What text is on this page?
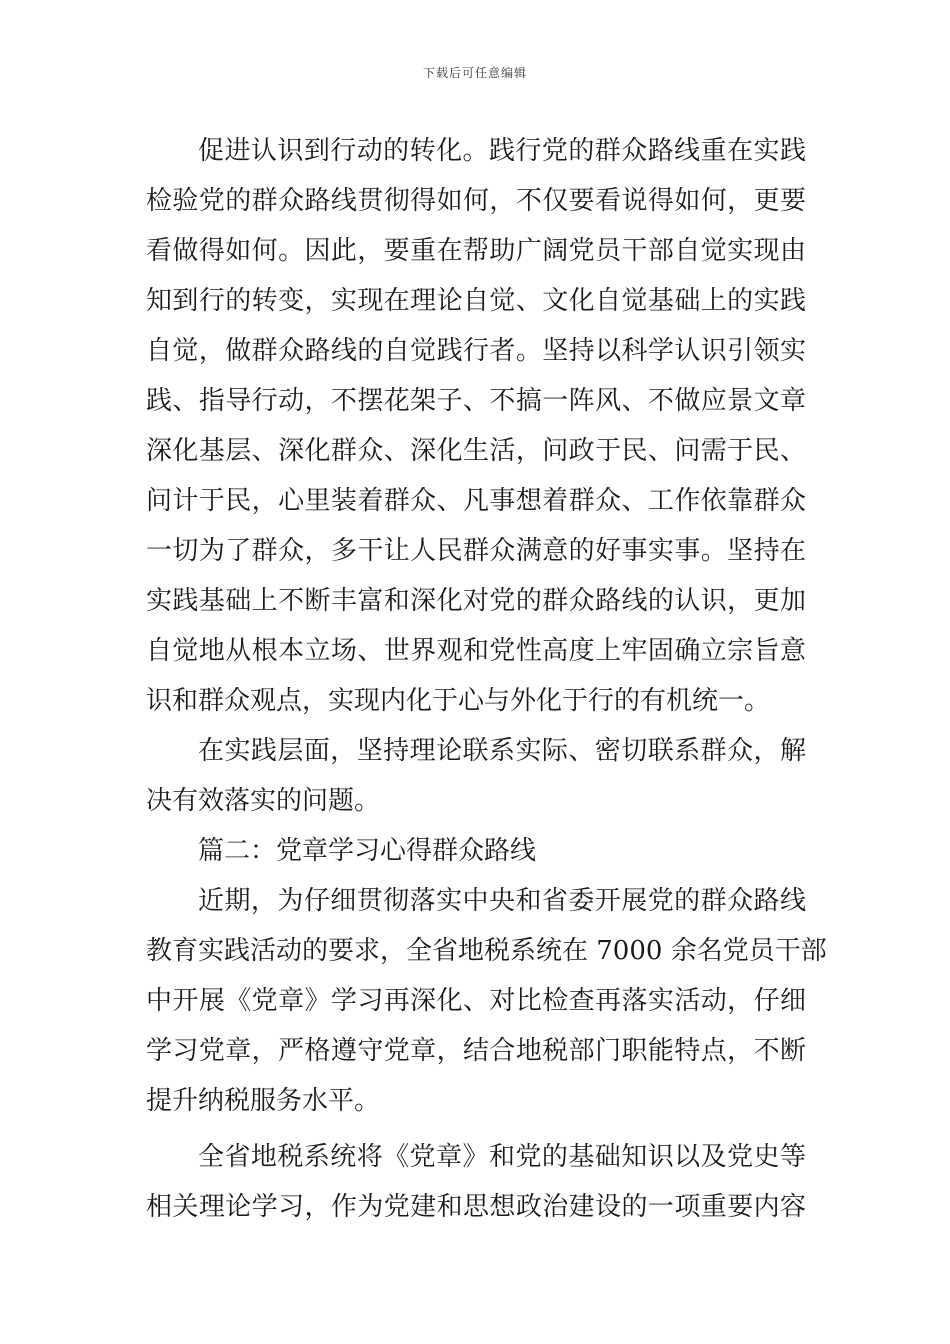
下载后可任意编辑
促进认识到行动的转化。践行党的群众路线重在实践
检验党的群众路线贯彻得如何，不仅要看说得如何，更要
看做得如何。因此，要重在帮助广阔党员干部自觉实现由
知到行的转变，实现在理论自觉、文化自觉基础上的实践
自觉，做群众路线的自觉践行者。坚持以科学认识引领实
践、指导行动，不摆花架子、不搞一阵风、不做应景文章
深化基层、深化群众、深化生活，问政于民、问需于民、
问计于民，心里装着群众、凡事想着群众、工作依靠群众
一切为了群众，多干让人民群众满意的好事实事。坚持在
实践基础上不断丰富和深化对党的群众路线的认识，更加
自觉地从根本立场、世界观和党性高度上牢固确立宗旨意
识和群众观点，实现内化于心与外化于行的有机统一。
在实践层面，坚持理论联系实际、密切联系群众，解
决有效落实的问题。
篇二：党章学习心得群众路线
近期，为仔细贯彻落实中央和省委开展党的群众路线
教育实践活动的要求，全省地税系统在 7000 余名党员干部
中开展《党章》学习再深化、对比检查再落实活动，仔细
学习党章，严格遵守党章，结合地税部门职能特点，不断
提升纳税服务水平。
全省地税系统将《党章》和党的基础知识以及党史等
相关理论学习，作为党建和思想政治建设的一项重要内容
